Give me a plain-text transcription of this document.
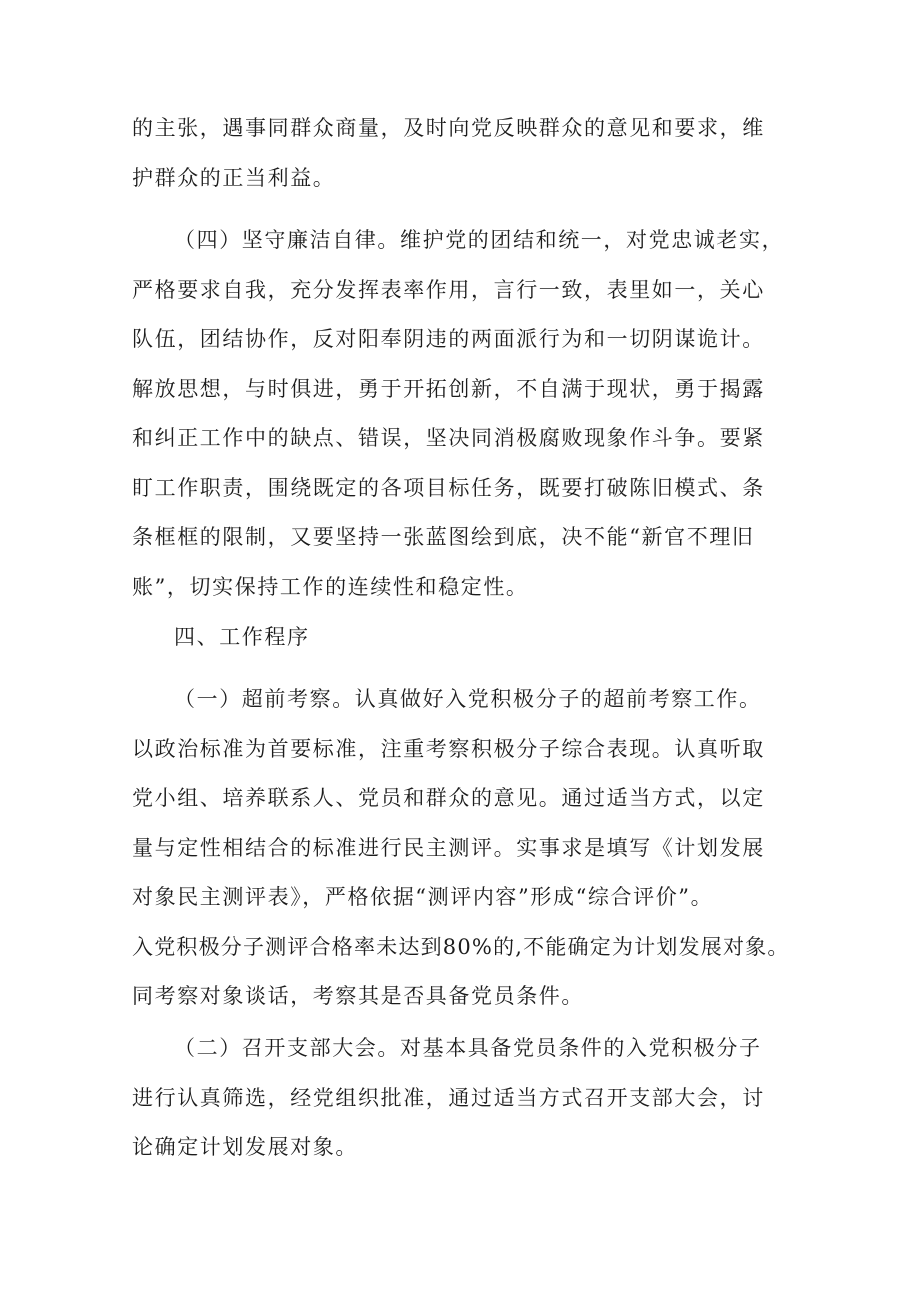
的主张，遇事同群众商量，及时向党反映群众的意见和要求，维
护群众的正当利益。
（四）坚守廉洁自律。维护党的团结和统一，对党忠诚老实，
严格要求自我，充分发挥表率作用，言行一致，表里如一，关心
队伍，团结协作，反对阳奉阴违的两面派行为和一切阴谋诡计。
解放思想，与时俱进，勇于开拓创新，不自满于现状，勇于揭露
和纠正工作中的缺点、错误，坚决同消极腐败现象作斗争。要紧
盯工作职责，围绕既定的各项目标任务，既要打破陈旧模式、条
条框框的限制，又要坚持一张蓝图绘到底，决不能“新官不理旧
账”，切实保持工作的连续性和稳定性。
四、工作程序
（一）超前考察。认真做好入党积极分子的超前考察工作。
以政治标准为首要标准，注重考察积极分子综合表现。认真听取
党小组、培养联系人、党员和群众的意见。通过适当方式，以定
量与定性相结合的标准进行民主测评。实事求是填写《计划发展
对象民主测评表》，严格依据“测评内容”形成“综合评价”。
入党积极分子测评合格率未达到80%的,不能确定为计划发展对象。
同考察对象谈话，考察其是否具备党员条件。
（二）召开支部大会。对基本具备党员条件的入党积极分子
进行认真筛选，经党组织批准，通过适当方式召开支部大会，讨
论确定计划发展对象。
